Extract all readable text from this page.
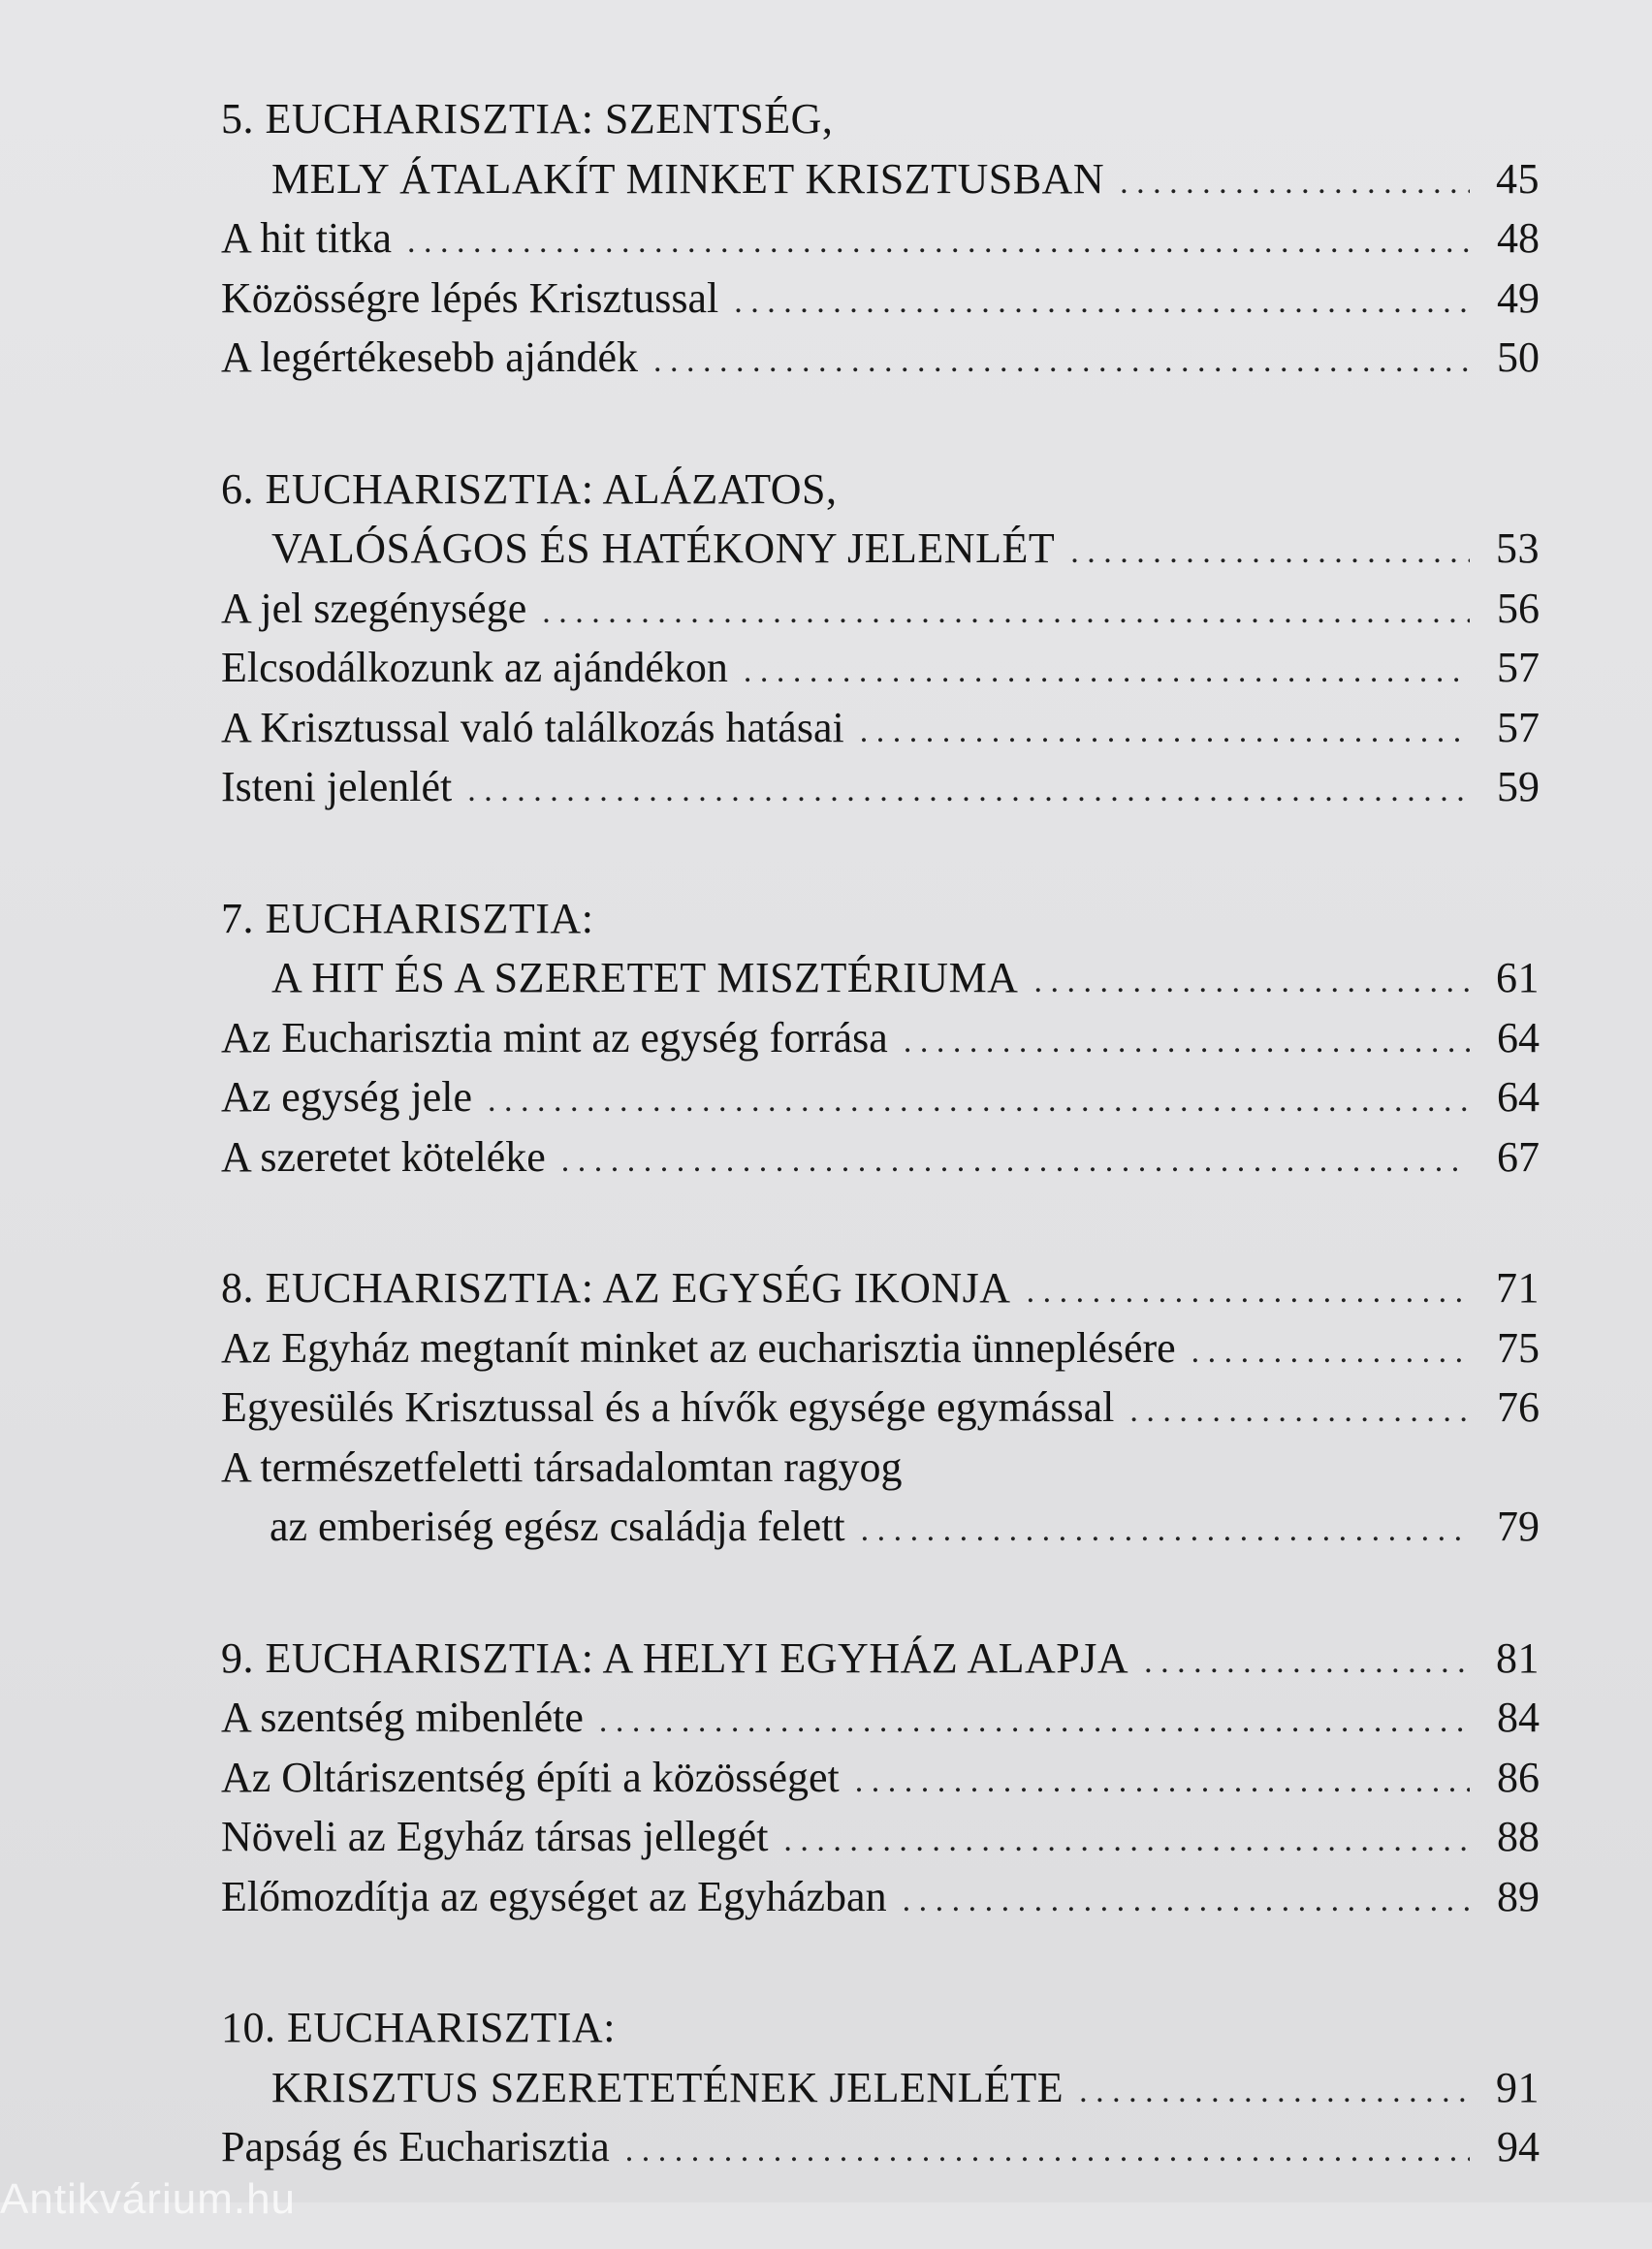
5. EUCHARISZTIA: SZENTSÉG,
MELY ÁTALAKÍT MINKET KRISZTUSBAN . . .	45
A hit titka . . .	48
Közösségre lépés Krisztussal . . .	49
A legértékesebb ajándék . . .	50
6. EUCHARISZTIA: ALÁZATOS,
VALÓSÁGOS ÉS HATÉKONY JELENLÉT . . .	53
A jel szegénysége . . .	56
Elcsodálkozunk az ajándékon . . .	57
A Krisztussal való találkozás hatásai . . .	57
Isteni jelenlét . . .	59
7. EUCHARISZTIA:
A HIT ÉS A SZERETET MISZTÉRIUMA . . .	61
Az Eucharisztia mint az egység forrása . . .	64
Az egység jele . . .	64
A szeretet köteléke . . .	67
8. EUCHARISZTIA: AZ EGYSÉG IKONJA . . .	71
Az Egyház megtanít minket az eucharisztia ünneplésére . . .	75
Egyesülés Krisztussal és a hívők egysége egymással . . .	76
A természetfeletti társadalomtan ragyog
az emberiség egész családja felett . . .	79
9. EUCHARISZTIA: A HELYI EGYHÁZ ALAPJA . . .	81
A szentség mibenléte . . .	84
Az Oltáriszentség építi a közösséget . . .	86
Növeli az Egyház társas jellegét . . .	88
Előmozdítja az egységet az Egyházban . . .	89
10. EUCHARISZTIA:
KRISZTUS SZERETETÉNEK JELENLÉTE . . .	91
Papság és Eucharisztia . . .	94
Antikvárium.hu
